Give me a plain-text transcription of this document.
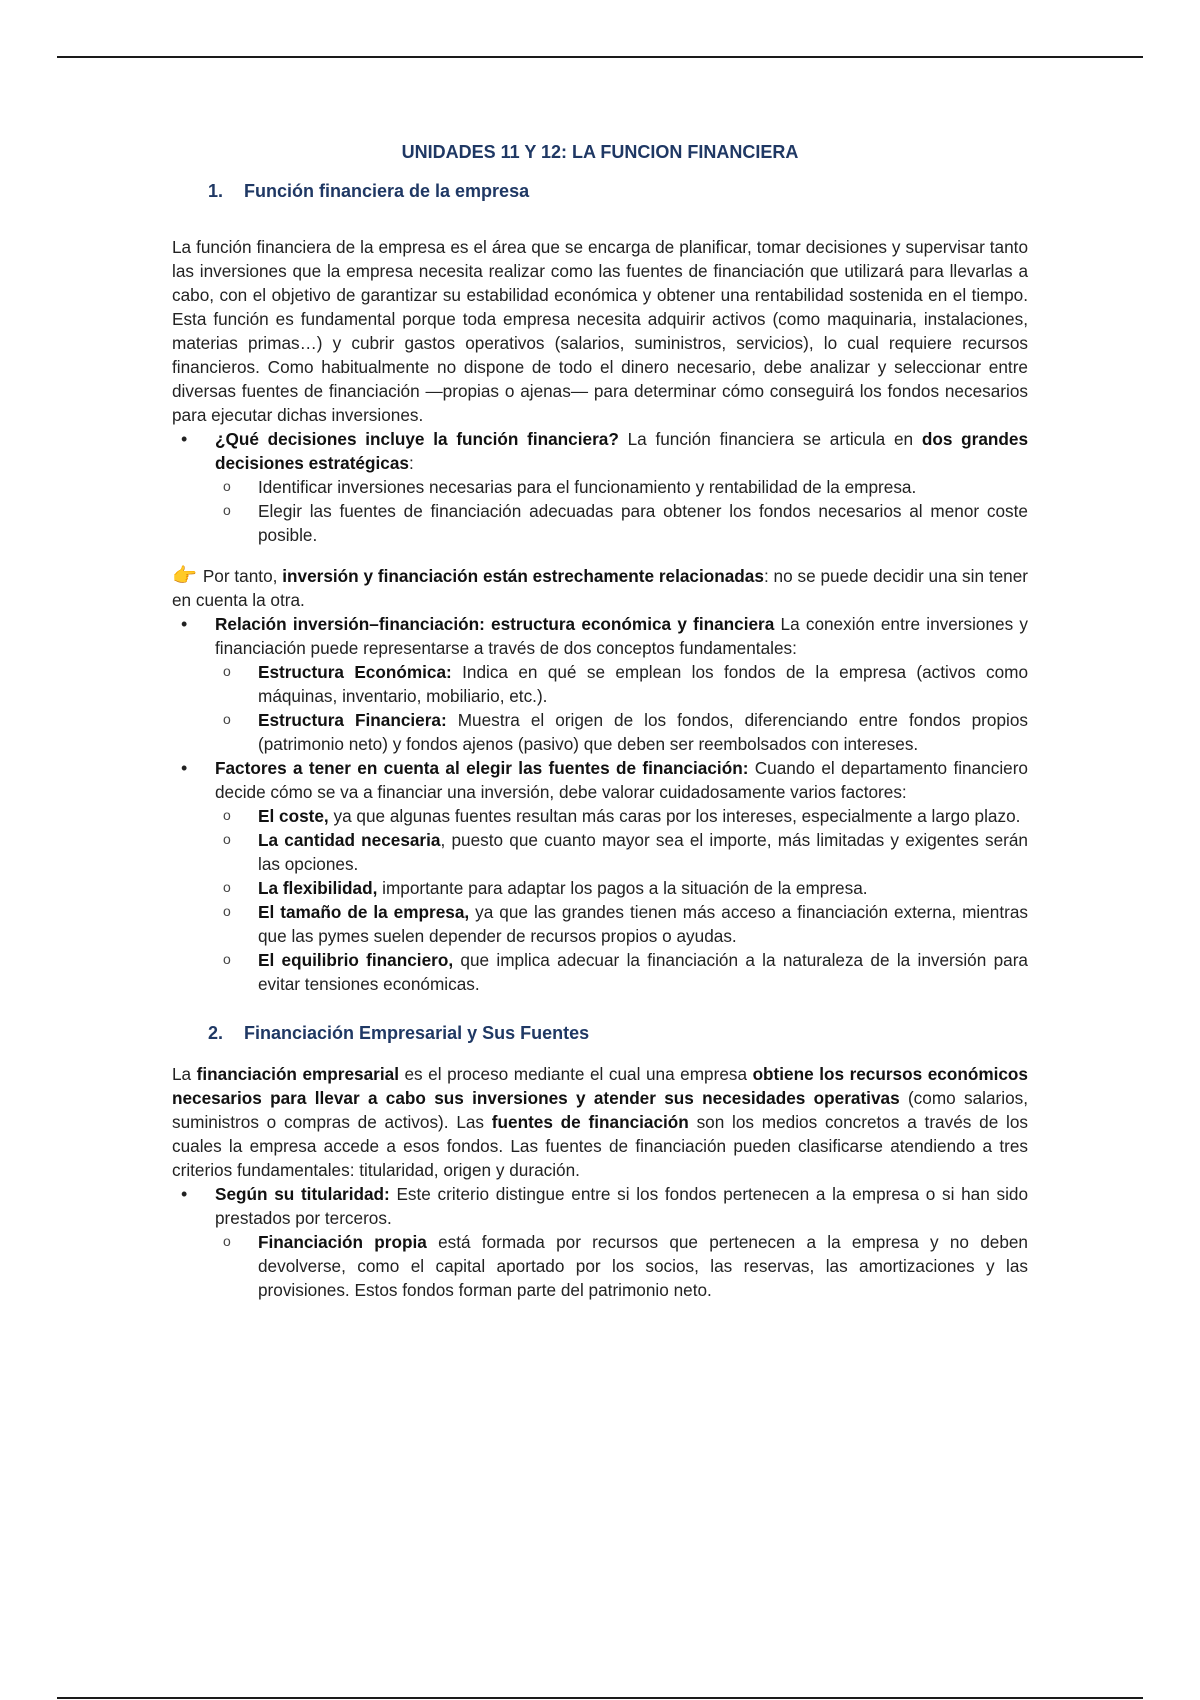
UNIDADES 11 Y 12: LA FUNCION FINANCIERA
1. Función financiera de la empresa

La función financiera de la empresa es el área que se encarga de planificar, tomar decisiones y supervisar tanto las inversiones que la empresa necesita realizar como las fuentes de financiación que utilizará para llevarlas a cabo, con el objetivo de garantizar su estabilidad económica y obtener una rentabilidad sostenida en el tiempo. Esta función es fundamental porque toda empresa necesita adquirir activos (como maquinaria, instalaciones, materias primas…) y cubrir gastos operativos (salarios, suministros, servicios), lo cual requiere recursos financieros. Como habitualmente no dispone de todo el dinero necesario, debe analizar y seleccionar entre diversas fuentes de financiación —propias o ajenas— para determinar cómo conseguirá los fondos necesarios para ejecutar dichas inversiones.

• ¿Qué decisiones incluye la función financiera? La función financiera se articula en dos grandes decisiones estratégicas:
o Identificar inversiones necesarias para el funcionamiento y rentabilidad de la empresa.
o Elegir las fuentes de financiación adecuadas para obtener los fondos necesarios al menor coste posible.

👉 Por tanto, inversión y financiación están estrechamente relacionadas: no se puede decidir una sin tener en cuenta la otra.

• Relación inversión–financiación: estructura económica y financiera La conexión entre inversiones y financiación puede representarse a través de dos conceptos fundamentales:
o Estructura Económica: Indica en qué se emplean los fondos de la empresa (activos como máquinas, inventario, mobiliario, etc.).
o Estructura Financiera: Muestra el origen de los fondos, diferenciando entre fondos propios (patrimonio neto) y fondos ajenos (pasivo) que deben ser reembolsados con intereses.
• Factores a tener en cuenta al elegir las fuentes de financiación: Cuando el departamento financiero decide cómo se va a financiar una inversión, debe valorar cuidadosamente varios factores:
o El coste, ya que algunas fuentes resultan más caras por los intereses, especialmente a largo plazo.
o La cantidad necesaria, puesto que cuanto mayor sea el importe, más limitadas y exigentes serán las opciones.
o La flexibilidad, importante para adaptar los pagos a la situación de la empresa.
o El tamaño de la empresa, ya que las grandes tienen más acceso a financiación externa, mientras que las pymes suelen depender de recursos propios o ayudas.
o El equilibrio financiero, que implica adecuar la financiación a la naturaleza de la inversión para evitar tensiones económicas.
2. Financiación Empresarial y Sus Fuentes

La financiación empresarial es el proceso mediante el cual una empresa obtiene los recursos económicos necesarios para llevar a cabo sus inversiones y atender sus necesidades operativas (como salarios, suministros o compras de activos). Las fuentes de financiación son los medios concretos a través de los cuales la empresa accede a esos fondos. Las fuentes de financiación pueden clasificarse atendiendo a tres criterios fundamentales: titularidad, origen y duración.

• Según su titularidad: Este criterio distingue entre si los fondos pertenecen a la empresa o si han sido prestados por terceros.
o Financiación propia está formada por recursos que pertenecen a la empresa y no deben devolverse, como el capital aportado por los socios, las reservas, las amortizaciones y las provisiones. Estos fondos forman parte del patrimonio neto.
